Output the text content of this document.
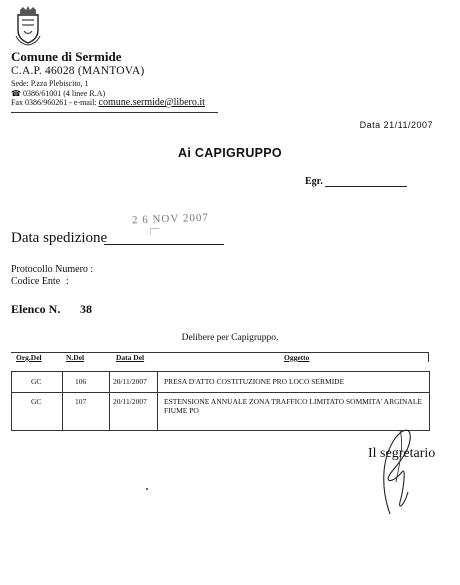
Comune di Sermide
C.A.P. 46028 (MANTOVA)
Sede: P.zza Plebiscito, 1
☎ 0386/61001 (4 linee R.A)
Fax 0386/960261 - e-mail: comune.sermide@libero.it
Data 21/11/2007
Ai CAPIGRUPPO
Egr.
2 6 NOV 2007
Data spedizione
Protocollo Numero :
Codice Ente :
Elenco N. 38
Delibere per Capigruppo.
Org.Del	N.Del	Data Del	Oggetto
GC	106	20/11/2007 PRESA D'ATTO COSTITUZIONE PRO LOCO SERMIDE
GC	107	20/11/2007 ESTENSIONE ANNUALE ZONA TRAFFICO LIMITATO SOMMITA' ARGINALE FIUME PO
Il segretario
